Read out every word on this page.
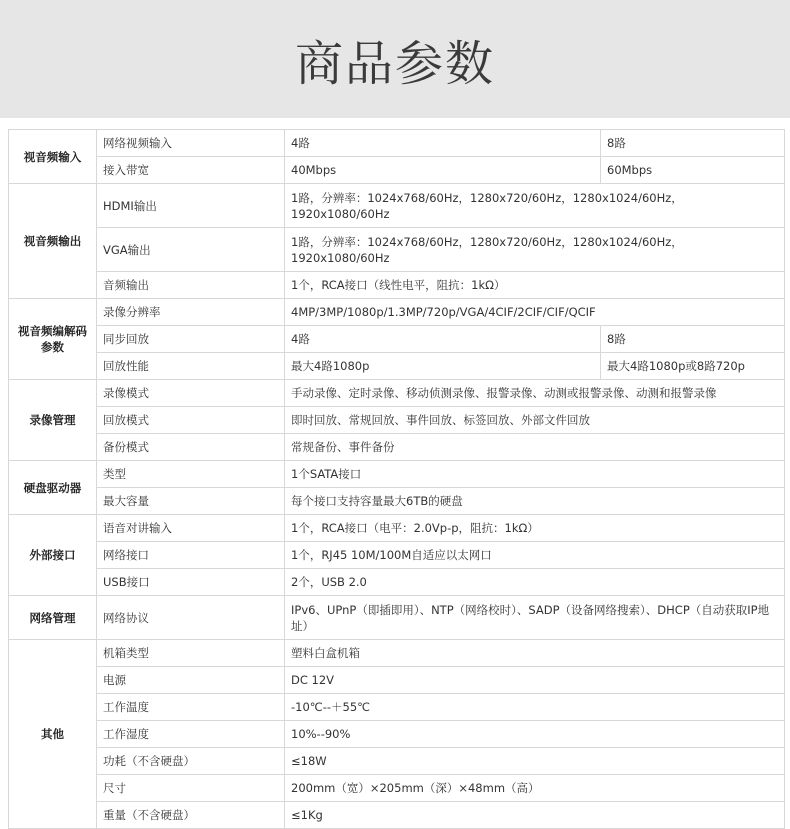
商品参数
视音频输入	网络视频输入	4路	8路
	接入带宽	40Mbps	60Mbps
视音频输出	HDMI输出	1路，分辨率：1024x768/60Hz，1280x720/60Hz，1280x1024/60Hz，1920x1080/60Hz	
	VGA输出	1路，分辨率：1024x768/60Hz，1280x720/60Hz，1280x1024/60Hz，1920x1080/60Hz	
	音频输出	1个，RCA接口（线性电平，阻抗：1kΩ）	
视音频编解码参数	录像分辨率	4MP/3MP/1080p/1.3MP/720p/VGA/4CIF/2CIF/CIF/QCIF	
	同步回放	4路	8路
	回放性能	最大4路1080p	最大4路1080p或8路720p
录像管理	录像模式	手动录像、定时录像、移动侦测录像、报警录像、动测或报警录像、动测和报警录像	
	回放模式	即时回放、常规回放、事件回放、标签回放、外部文件回放	
	备份模式	常规备份、事件备份	
硬盘驱动器	类型	1个SATA接口	
	最大容量	每个接口支持容量最大6TB的硬盘	
外部接口	语音对讲输入	1个，RCA接口（电平：2.0Vp-p，阻抗：1kΩ）	
	网络接口	1个，RJ45 10M/100M自适应以太网口	
	USB接口	2个，USB 2.0	
网络管理	网络协议	IPv6、UPnP（即插即用）、NTP（网络校时）、SADP（设备网络搜索）、DHCP（自动获取IP地址）	
其他	机箱类型	塑料白盒机箱	
	电源	DC 12V	
	工作温度	-10℃--＋55℃	
	工作湿度	10%--90%	
	功耗（不含硬盘）	≤18W	
	尺寸	200mm（宽）×205mm（深）×48mm（高）	
	重量（不含硬盘）	≤1Kg	
